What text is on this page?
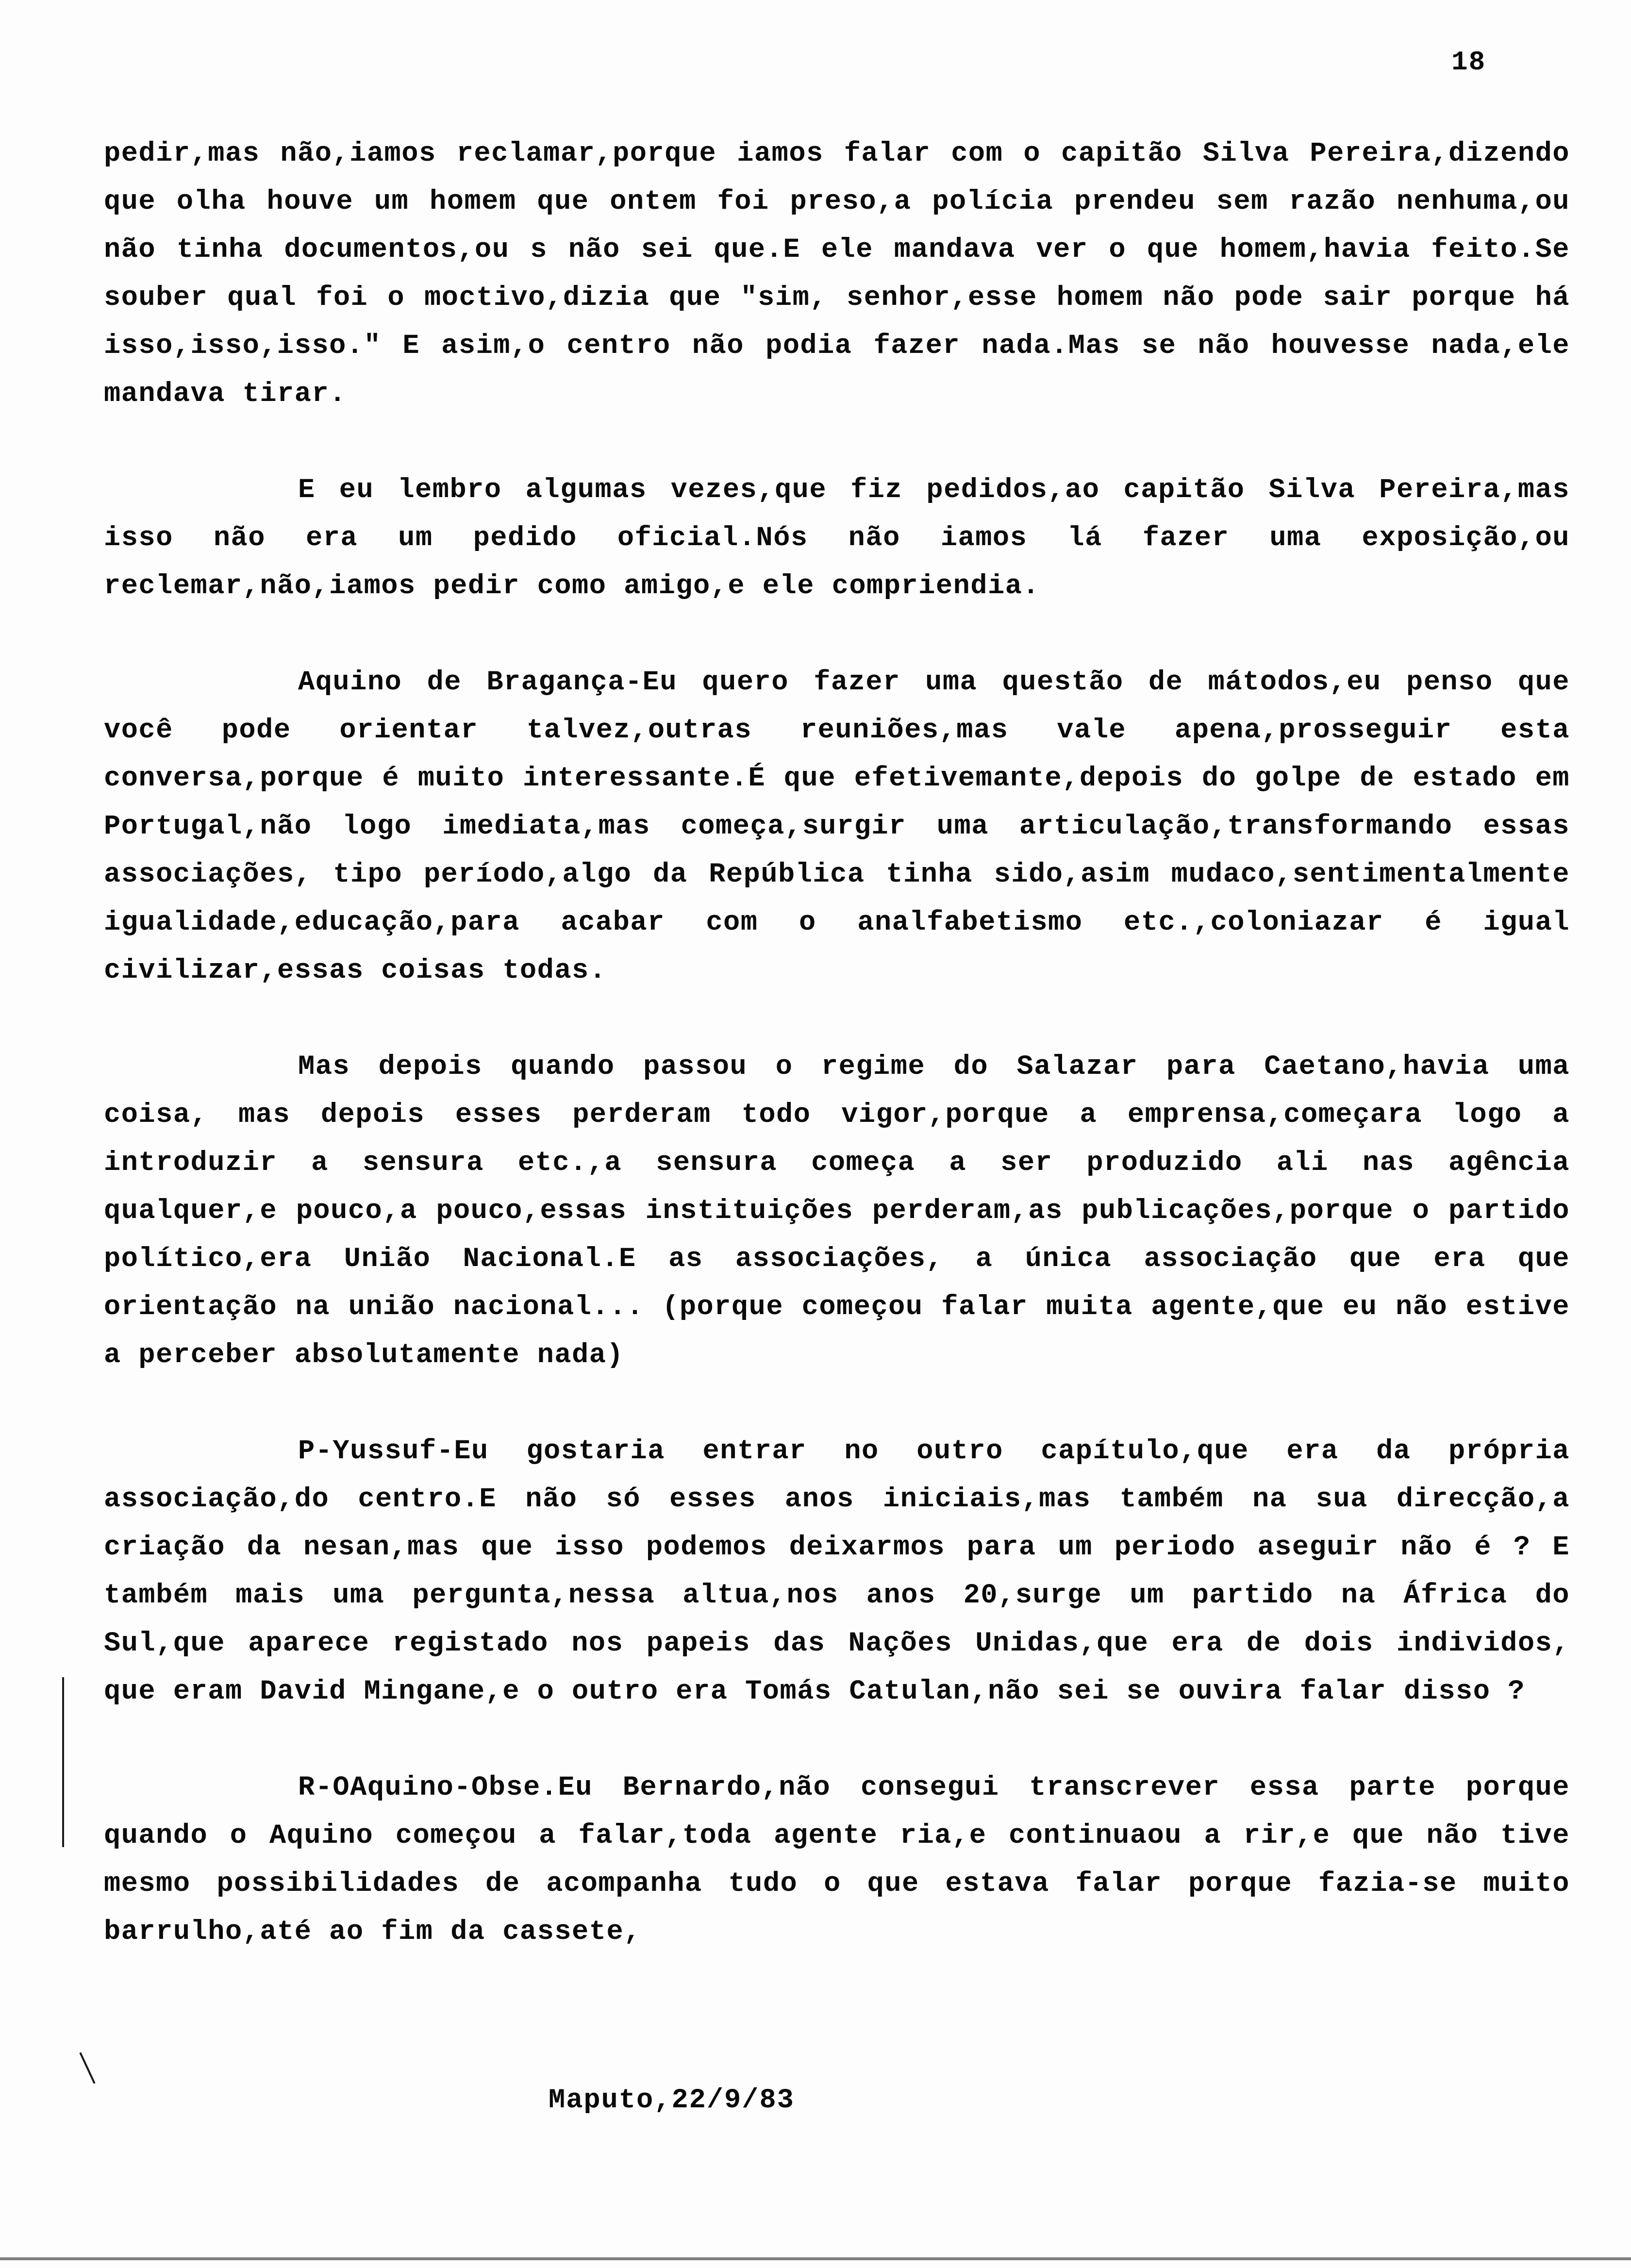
18

pedir,mas não,iamos reclamar,porque iamos falar com o capitão Silva Pereira,dizendo que olha houve um homem que ontem foi preso,a polícia prendeu sem razão nenhuma,ou não tinha documentos,ou s não sei que.E ele mandava ver o que homem,havia feito.Se souber qual foi o moctivo,dizia que "sim, senhor,esse homem não pode sair porque há isso,isso,isso." E asim,o centro não podia fazer nada.Mas se não houvesse nada,ele mandava tirar.

E eu lembro algumas vezes,que fiz pedidos,ao capitão Silva Pereira,mas isso não era um pedido oficial.Nós não iamos lá fazer uma exposição,ou reclemar,não,iamos pedir como amigo,e ele compriendia.

Aquino de Bragança-Eu quero fazer uma questão de mátodos,eu penso que você pode orientar talvez,outras reuniões,mas vale apena,prosseguir esta conversa,porque é muito interessante.É que efetivemante,depois do golpe de estado em Portugal,não logo imediata,mas começa,surgir uma articulação,transformando essas associações, tipo período,algo da República tinha sido,asim mudaco,sentimentalmente igualidade,educação,para acabar com o analfabetismo etc.,coloniazar é igual civilizar,essas coisas todas.

Mas depois quando passou o regime do Salazar para Caetano,havia uma coisa, mas depois esses perderam todo vigor,porque a emprensa,começara logo a introduzir a sensura etc.,a sensura começa a ser produzido ali nas agência qualquer,e pouco,a pouco,essas instituições perderam,as publicações,porque o partido político,era União Nacional.E as associações, a única associação que era que orientação na união nacional... (porque começou falar muita agente,que eu não estive a perceber absolutamente nada)

P-Yussuf-Eu gostaria entrar no outro capítulo,que era da própria associação,do centro.E não só esses anos iniciais,mas também na sua direcção,a criação da nesan,mas que isso podemos deixarmos para um periodo aseguir não é ? E também mais uma pergunta,nessa altua,nos anos 20,surge um partido na África do Sul,que aparece registado nos papeis das Nações Unidas,que era de dois individos, que eram David Mingane,e o outro era Tomás Catulan,não sei se ouvira falar disso ?

R-OAquino-Obse.Eu Bernardo,não consegui transcrever essa parte porque quando o Aquino começou a falar,toda agente ria,e continuaou a rir,e que não tive mesmo possibilidades de acompanha tudo o que estava falar porque fazia-se muito barrulho,até ao fim da cassete,

Maputo,22/9/83
